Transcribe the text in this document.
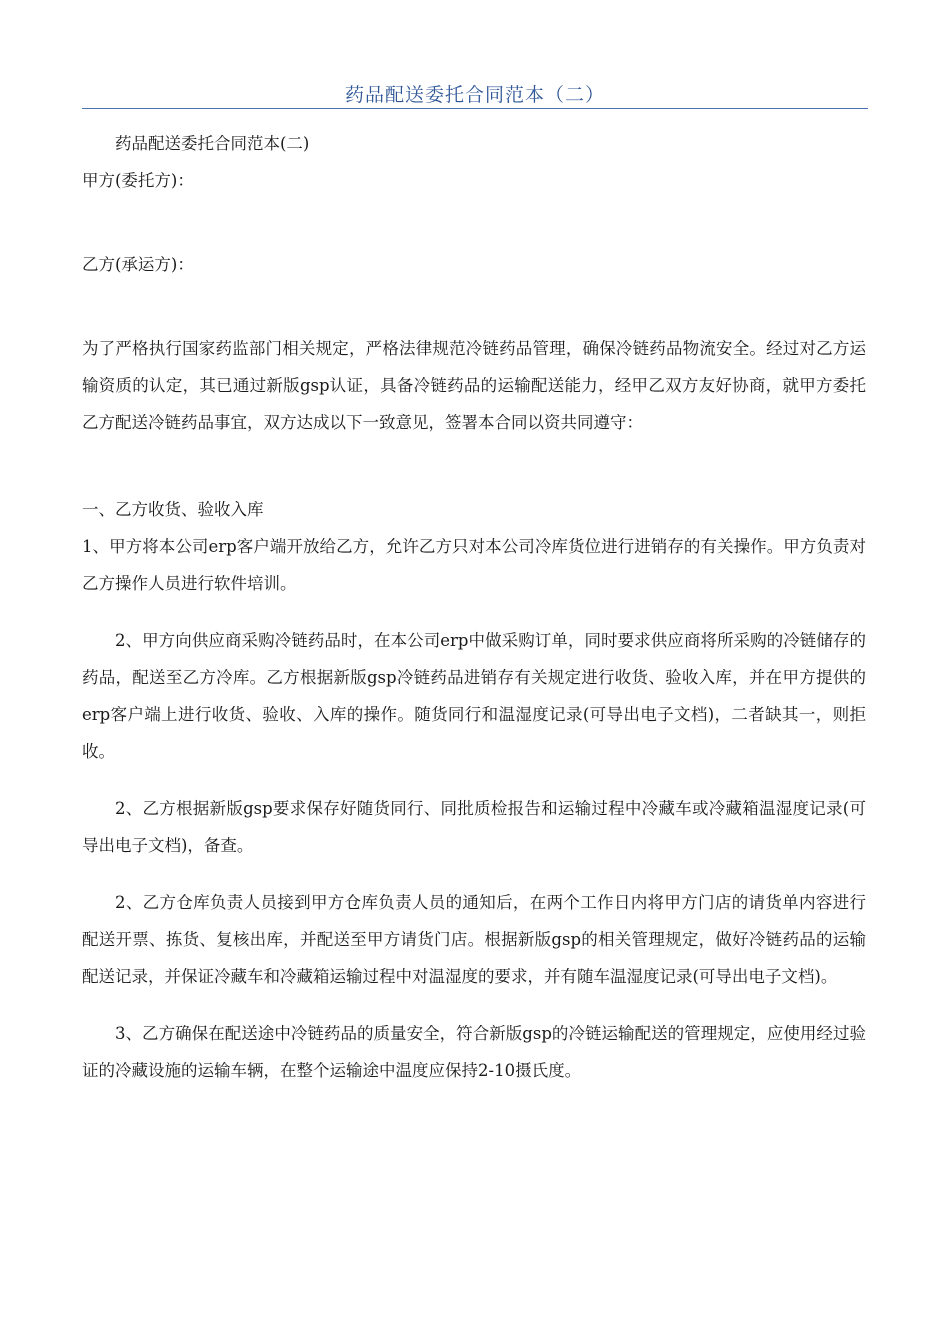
药品配送委托合同范本（二）

药品配送委托合同范本(二)

甲方(委托方)：

乙方(承运方)：

为了严格执行国家药监部门相关规定，严格法律规范冷链药品管理，确保冷链药品物流安全。经过对乙方运输资质的认定，其已通过新版gsp认证，具备冷链药品的运输配送能力，经甲乙双方友好协商，就甲方委托乙方配送冷链药品事宜，双方达成以下一致意见，签署本合同以资共同遵守：

一、乙方收货、验收入库

1、甲方将本公司erp客户端开放给乙方，允许乙方只对本公司冷库货位进行进销存的有关操作。甲方负责对乙方操作人员进行软件培训。

2、甲方向供应商采购冷链药品时，在本公司erp中做采购订单，同时要求供应商将所采购的冷链储存的药品，配送至乙方冷库。乙方根据新版gsp冷链药品进销存有关规定进行收货、验收入库，并在甲方提供的erp客户端上进行收货、验收、入库的操作。随货同行和温湿度记录(可导出电子文档)，二者缺其一，则拒收。

2、乙方根据新版gsp要求保存好随货同行、同批质检报告和运输过程中冷藏车或冷藏箱温湿度记录(可导出电子文档)，备查。

2、乙方仓库负责人员接到甲方仓库负责人员的通知后，在两个工作日内将甲方门店的请货单内容进行配送开票、拣货、复核出库，并配送至甲方请货门店。根据新版gsp的相关管理规定，做好冷链药品的运输配送记录，并保证冷藏车和冷藏箱运输过程中对温湿度的要求，并有随车温湿度记录(可导出电子文档)。

3、乙方确保在配送途中冷链药品的质量安全，符合新版gsp的冷链运输配送的管理规定，应使用经过验证的冷藏设施的运输车辆，在整个运输途中温度应保持2-10摄氏度。
